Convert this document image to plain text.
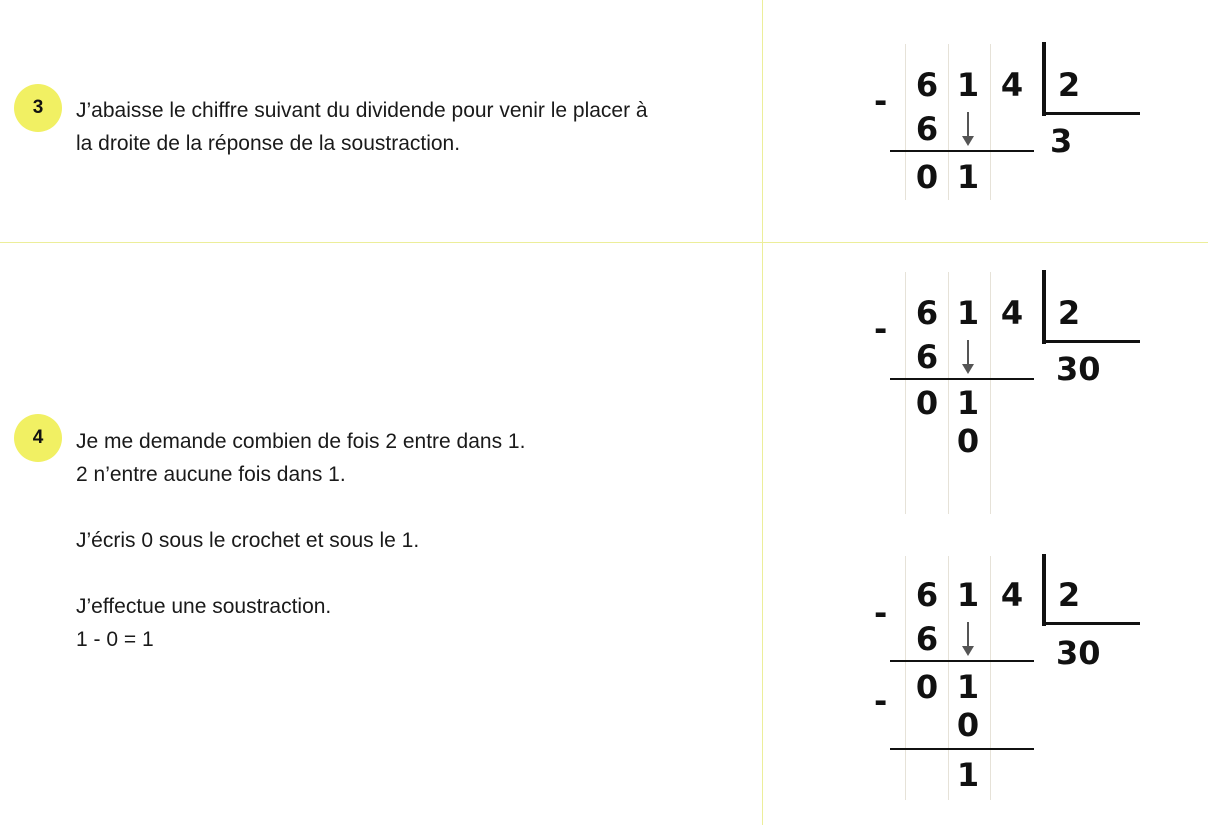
3 J’abaisse le chiffre suivant du dividende pour venir le placer à

la droite de la réponse de la soustraction.

4 Je me demande combien de fois 2 entre dans 1.

2 n’entre aucune fois dans 1.

J’écris 0 sous le crochet et sous le 1.

J’effectue une soustraction.

1 - 0 = 1

- 6 1 4 2
3
6
0 1
- 6 1 4 2
30
6
0 1
0
- 6 1 4 2
30
6
- 0 1
0
1
